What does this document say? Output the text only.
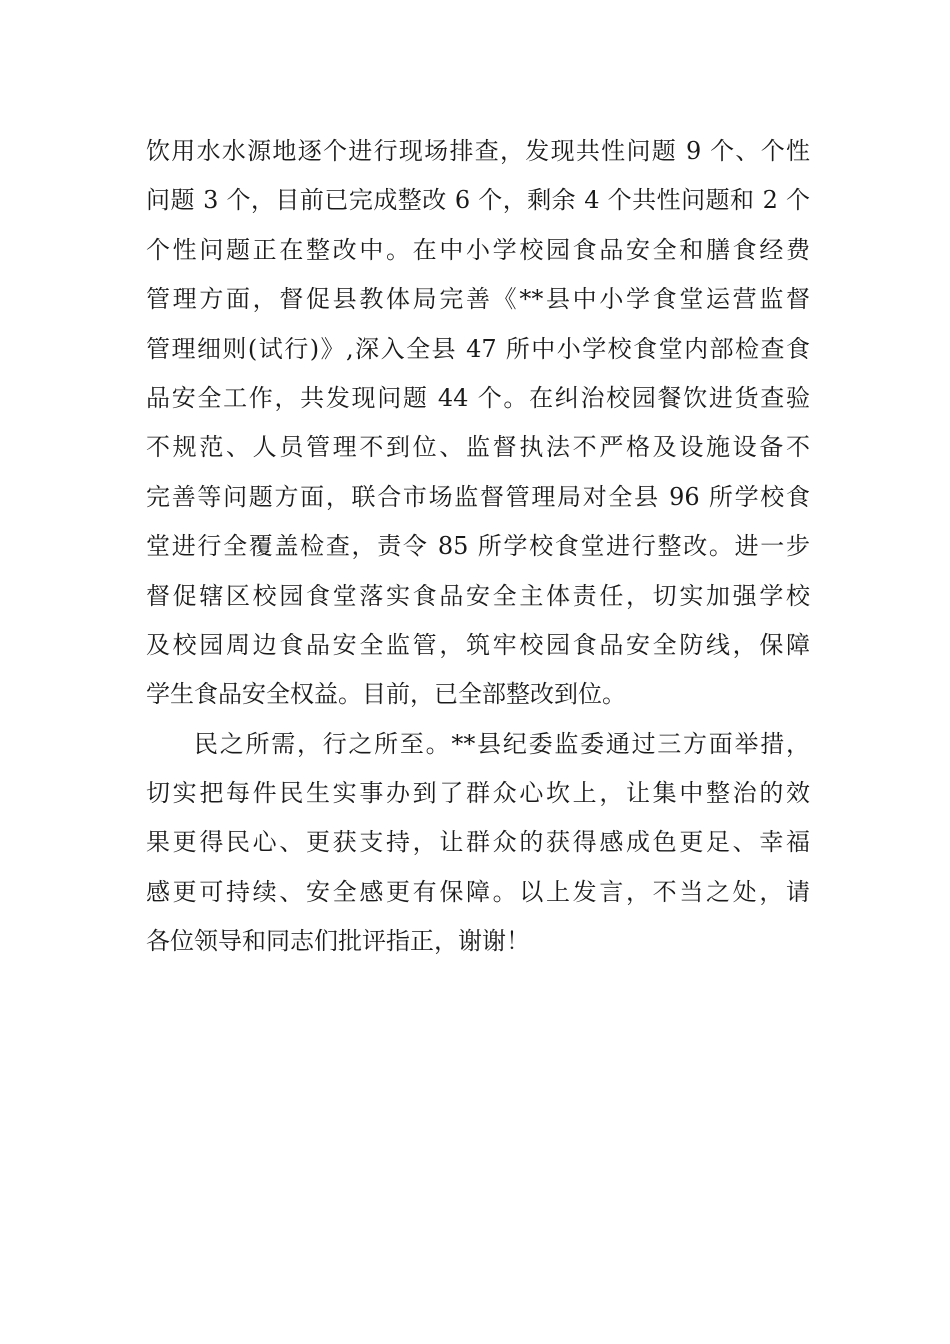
饮用水水源地逐个进行现场排查，发现共性问题 9 个、个性
问题 3 个，目前已完成整改 6 个，剩余 4 个共性问题和 2 个
个性问题正在整改中。在中小学校园食品安全和膳食经费
管理方面，督促县教体局完善《**县中小学食堂运营监督
管理细则(试行)》,深入全县 47 所中小学校食堂内部检查食
品安全工作，共发现问题 44 个。在纠治校园餐饮进货查验
不规范、人员管理不到位、监督执法不严格及设施设备不
完善等问题方面，联合市场监督管理局对全县 96 所学校食
堂进行全覆盖检查，责令 85 所学校食堂进行整改。进一步
督促辖区校园食堂落实食品安全主体责任，切实加强学校
及校园周边食品安全监管，筑牢校园食品安全防线，保障
学生食品安全权益。目前，已全部整改到位。
民之所需，行之所至。**县纪委监委通过三方面举措，
切实把每件民生实事办到了群众心坎上，让集中整治的效
果更得民心、更获支持，让群众的获得感成色更足、幸福
感更可持续、安全感更有保障。以上发言，不当之处，请
各位领导和同志们批评指正，谢谢！
